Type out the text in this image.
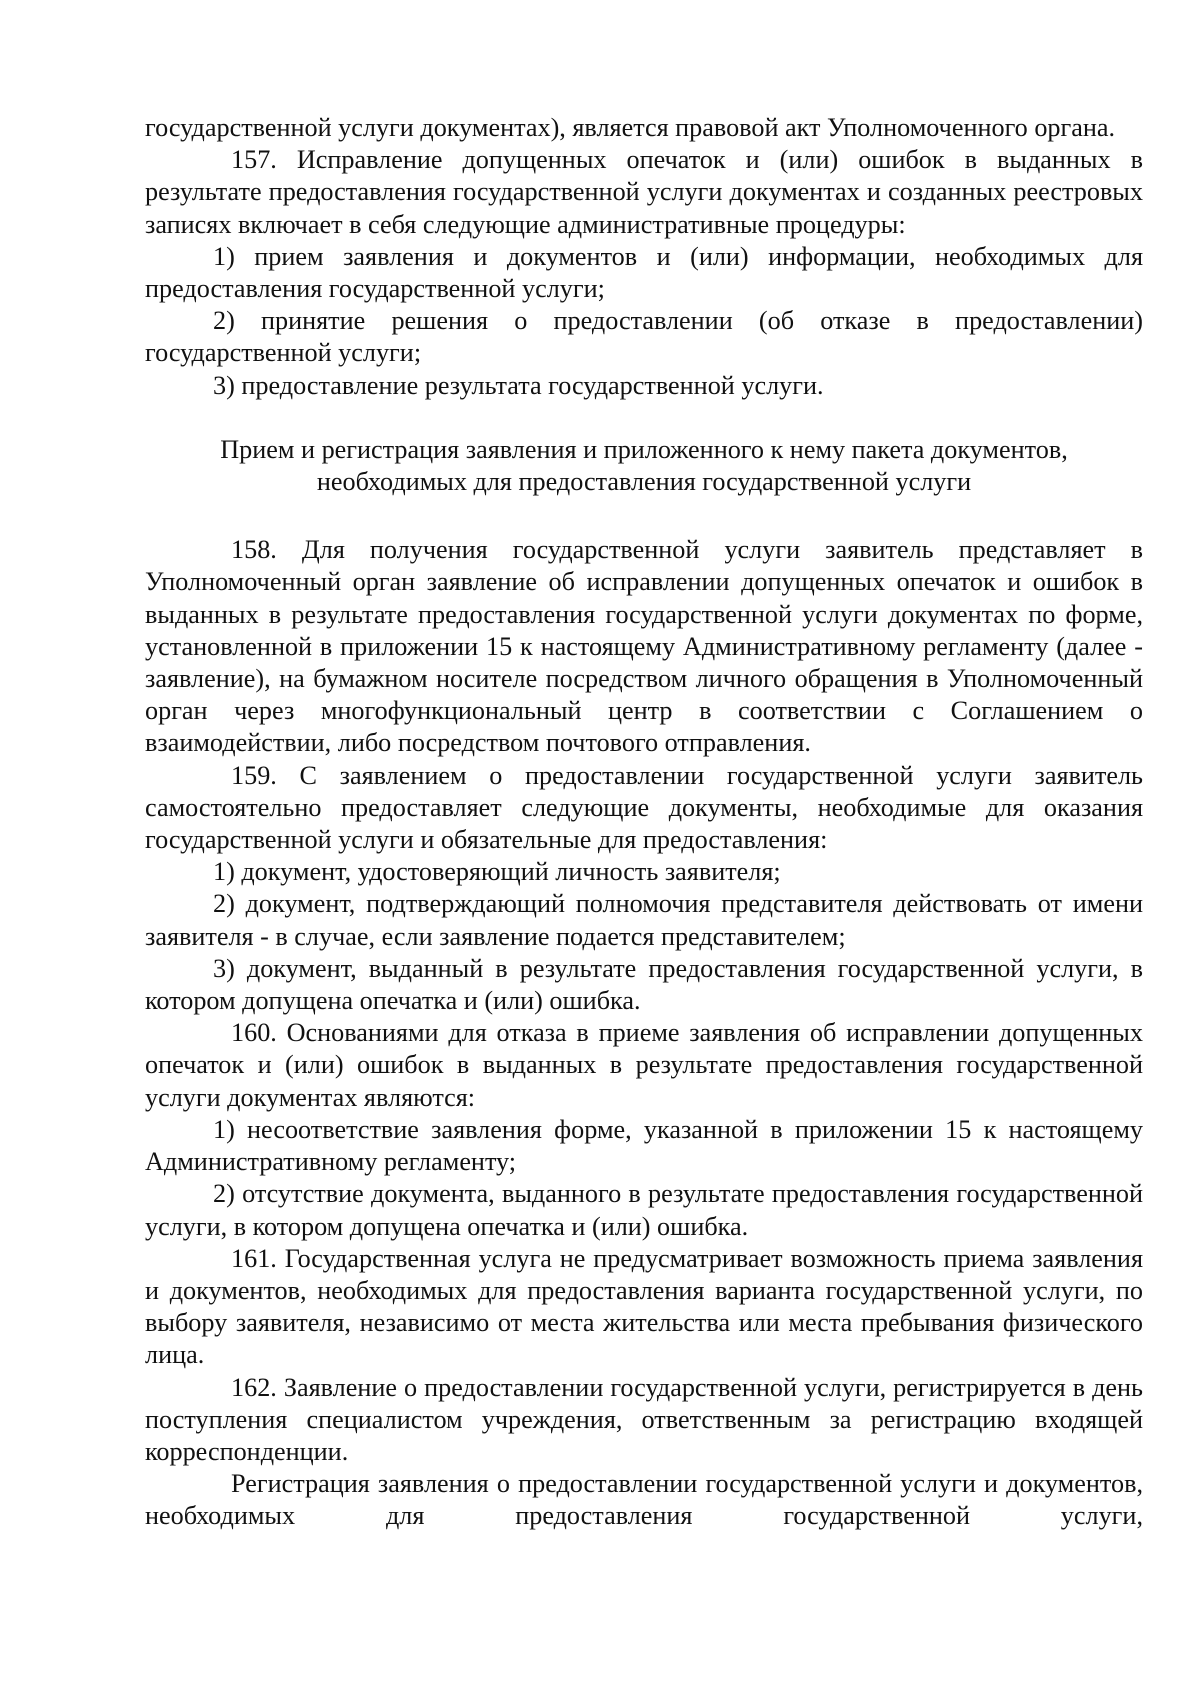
государственной услуги документах), является правовой акт Уполномоченного органа.

157. Исправление допущенных опечаток и (или) ошибок в выданных в результате предоставления государственной услуги документах и созданных реестровых записях включает в себя следующие административные процедуры:

1) прием заявления и документов и (или) информации, необходимых для предоставления государственной услуги;

2) принятие решения о предоставлении (об отказе в предоставлении) государственной услуги;

3) предоставление результата государственной услуги.

Прием и регистрация заявления и приложенного к нему пакета документов,

необходимых для предоставления государственной услуги

158. Для получения государственной услуги заявитель представляет в Уполномоченный орган заявление об исправлении допущенных опечаток и ошибок в выданных в результате предоставления государственной услуги документах по форме, установленной в приложении 15 к настоящему Административному регламенту (далее - заявление), на бумажном носителе посредством личного обращения в Уполномоченный орган через многофункциональный центр в соответствии с Соглашением о взаимодействии, либо посредством почтового отправления.

159. С заявлением о предоставлении государственной услуги заявитель самостоятельно предоставляет следующие документы, необходимые для оказания государственной услуги и обязательные для предоставления:

1) документ, удостоверяющий личность заявителя;

2) документ, подтверждающий полномочия представителя действовать от имени заявителя - в случае, если заявление подается представителем;

3) документ, выданный в результате предоставления государственной услуги, в котором допущена опечатка и (или) ошибка.

160. Основаниями для отказа в приеме заявления об исправлении допущенных опечаток и (или) ошибок в выданных в результате предоставления государственной услуги документах являются:

1) несоответствие заявления форме, указанной в приложении 15 к настоящему Административному регламенту;

2) отсутствие документа, выданного в результате предоставления государственной услуги, в котором допущена опечатка и (или) ошибка.

161. Государственная услуга не предусматривает возможность приема заявления и документов, необходимых для предоставления варианта государственной услуги, по выбору заявителя, независимо от места жительства или места пребывания физического лица.

162. Заявление о предоставлении государственной услуги, регистрируется в день поступления специалистом учреждения, ответственным за регистрацию входящей корреспонденции.

Регистрация заявления о предоставлении государственной услуги и документов, необходимых для предоставления государственной услуги,
